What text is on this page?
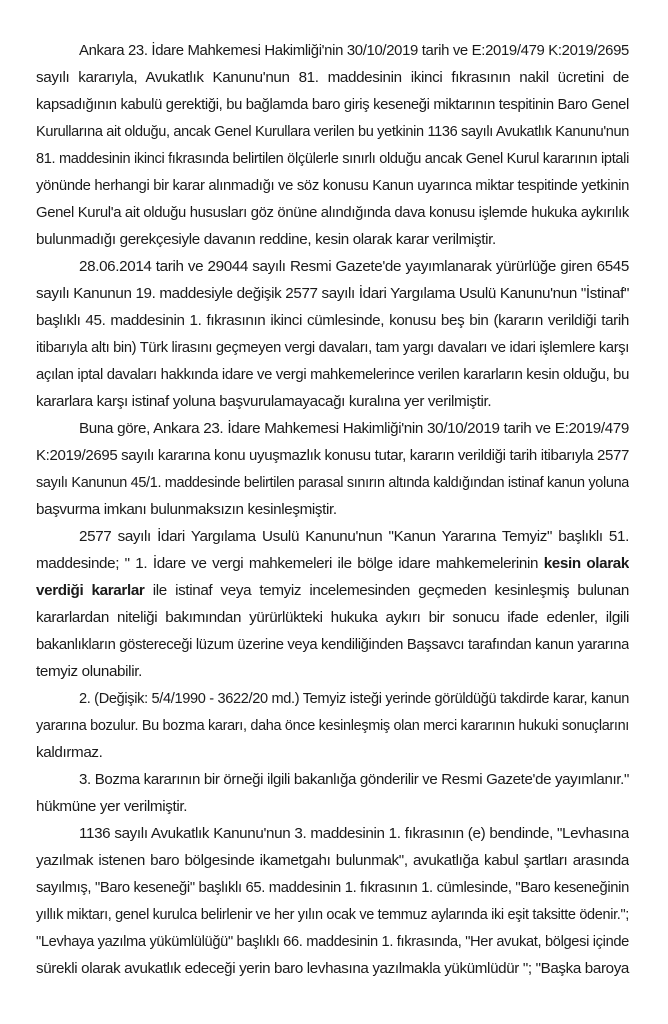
Ankara 23. İdare Mahkemesi Hakimliği'nin 30/10/2019 tarih ve E:2019/479 K:2019/2695
sayılı kararıyla, Avukatlık Kanunu'nun 81. maddesinin ikinci fıkrasının nakil ücretini de
kapsadığının kabulü gerektiği, bu bağlamda baro giriş keseneği miktarının tespitinin Baro Genel
Kurullarına ait olduğu, ancak Genel Kurullara verilen bu yetkinin 1136 sayılı Avukatlık Kanunu'nun
81. maddesinin ikinci fıkrasında belirtilen ölçülerle sınırlı olduğu ancak Genel Kurul kararının iptali
yönünde herhangi bir karar alınmadığı ve söz konusu Kanun uyarınca miktar tespitinde yetkinin
Genel Kurul'a ait olduğu hususları göz önüne alındığında dava konusu işlemde hukuka aykırılık
bulunmadığı gerekçesiyle davanın reddine, kesin olarak karar verilmiştir.
28.06.2014 tarih ve 29044 sayılı Resmi Gazete'de yayımlanarak yürürlüğe giren 6545
sayılı Kanunun 19. maddesiyle değişik 2577 sayılı İdari Yargılama Usulü Kanunu'nun "İstinaf"
başlıklı 45. maddesinin 1. fıkrasının ikinci cümlesinde, konusu beş bin (kararın verildiği tarih
itibarıyla altı bin) Türk lirasını geçmeyen vergi davaları, tam yargı davaları ve idari işlemlere karşı
açılan iptal davaları hakkında idare ve vergi mahkemelerince verilen kararların kesin olduğu, bu
kararlara karşı istinaf yoluna başvurulamayacağı kuralına yer verilmiştir.
Buna göre, Ankara 23. İdare Mahkemesi Hakimliği'nin 30/10/2019 tarih ve E:2019/479
K:2019/2695 sayılı kararına konu uyuşmazlık konusu tutar, kararın verildiği tarih itibarıyla 2577
sayılı Kanunun 45/1. maddesinde belirtilen parasal sınırın altında kaldığından istinaf kanun yoluna
başvurma imkanı bulunmaksızın kesinleşmiştir.
2577 sayılı İdari Yargılama Usulü Kanunu'nun "Kanun Yararına Temyiz" başlıklı 51.
maddesinde; " 1. İdare ve vergi mahkemeleri ile bölge idare mahkemelerinin kesin olarak
verdiği kararlar ile istinaf veya temyiz incelemesinden geçmeden kesinleşmiş bulunan
kararlardan niteliği bakımından yürürlükteki hukuka aykırı bir sonucu ifade edenler, ilgili
bakanlıkların göstereceği lüzum üzerine veya kendiliğinden Başsavcı tarafından kanun yararına
temyiz olunabilir.
2. (Değişik: 5/4/1990 - 3622/20 md.) Temyiz isteği yerinde görüldüğü takdirde karar, kanun
yararına bozulur. Bu bozma kararı, daha önce kesinleşmiş olan merci kararının hukuki sonuçlarını
kaldırmaz.
3. Bozma kararının bir örneği ilgili bakanlığa gönderilir ve Resmi Gazete'de yayımlanır."
hükmüne yer verilmiştir.
1136 sayılı Avukatlık Kanunu'nun 3. maddesinin 1. fıkrasının (e) bendinde, "Levhasına
yazılmak istenen baro bölgesinde ikametgahı bulunmak", avukatlığa kabul şartları arasında
sayılmış, "Baro keseneği" başlıklı 65. maddesinin 1. fıkrasının 1. cümlesinde, "Baro keseneğinin
yıllık miktarı, genel kurulca belirlenir ve her yılın ocak ve temmuz aylarında iki eşit taksitte ödenir.";
"Levhaya yazılma yükümlülüğü" başlıklı 66. maddesinin 1. fıkrasında, "Her avukat, bölgesi içinde
sürekli olarak avukatlık edeceği yerin baro levhasına yazılmakla yükümlüdür "; "Başka baroya
